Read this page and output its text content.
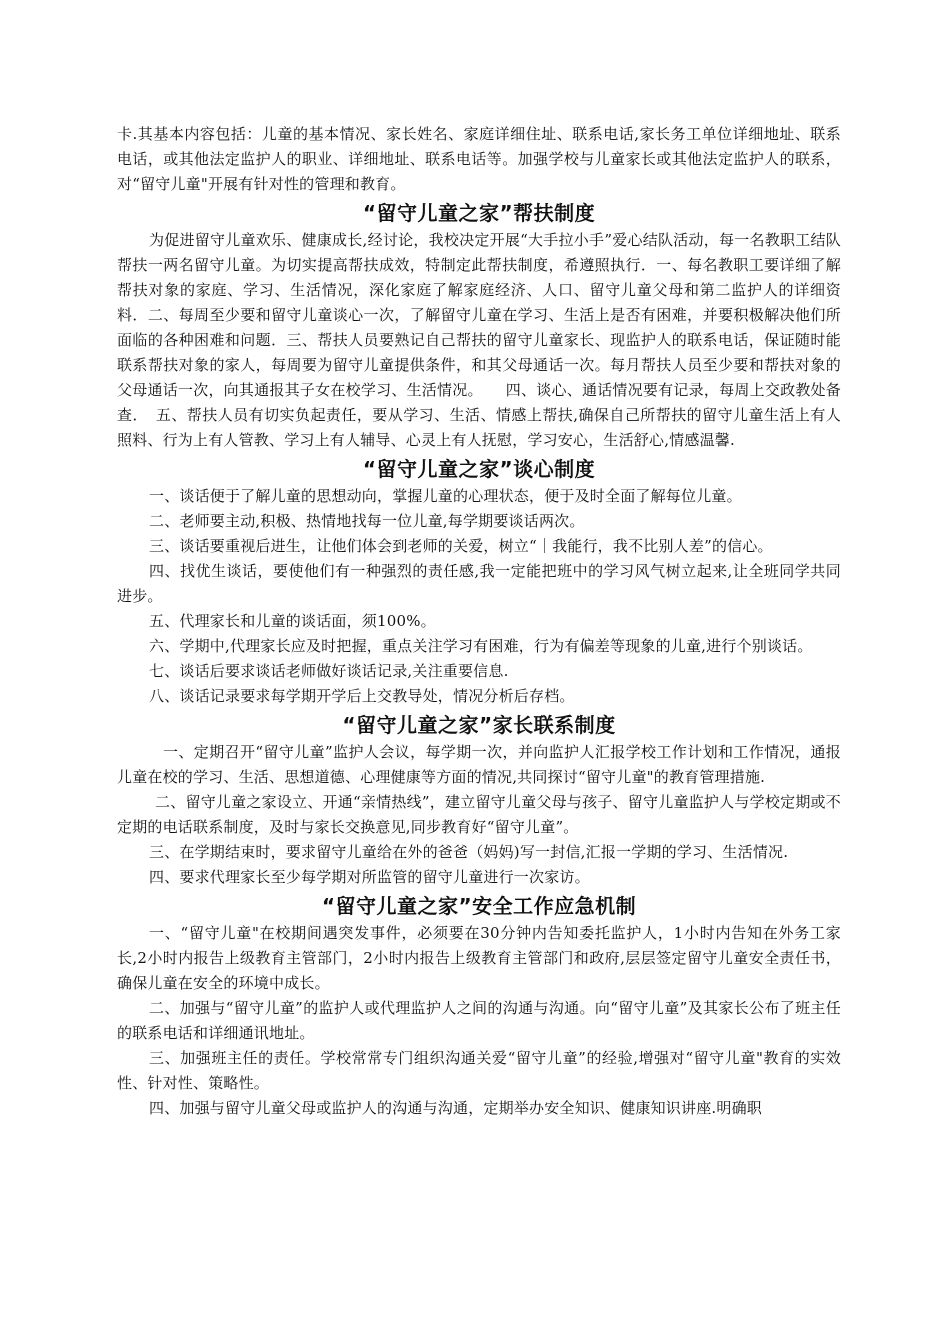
卡.其基本内容包括：儿童的基本情况、家长姓名、家庭详细住址、联系电话,家长务工单位详细地址、联系电话，或其他法定监护人的职业、详细地址、联系电话等。加强学校与儿童家长或其他法定监护人的联系，对“留守儿童"开展有针对性的管理和教育。

“留守儿童之家”帮扶制度

为促进留守儿童欢乐、健康成长,经讨论，我校决定开展“大手拉小手”爱心结队活动，每一名教职工结队帮扶一两名留守儿童。为切实提高帮扶成效，特制定此帮扶制度，希遵照执行．一、每名教职工要详细了解帮扶对象的家庭、学习、生活情况，深化家庭了解家庭经济、人口、留守儿童父母和第二监护人的详细资料．二、每周至少要和留守儿童谈心一次，了解留守儿童在学习、生活上是否有困难，并要积极解决他们所面临的各种困难和问题．三、帮扶人员要熟记自己帮扶的留守儿童家长、现监护人的联系电话，保证随时能联系帮扶对象的家人，每周要为留守儿童提供条件，和其父母通话一次。每月帮扶人员至少要和帮扶对象的父母通话一次，向其通报其子女在校学习、生活情况。　　四、谈心、通话情况要有记录，每周上交政教处备查．　五、帮扶人员有切实负起责任，要从学习、生活、情感上帮扶,确保自己所帮扶的留守儿童生活上有人照料、行为上有人管教、学习上有人辅导、心灵上有人抚慰，学习安心，生活舒心,情感温馨.

“留守儿童之家”谈心制度

一、谈话便于了解儿童的思想动向，掌握儿童的心理状态，便于及时全面了解每位儿童。

二、老师要主动,积极、热情地找每一位儿童,每学期要谈话两次。

三、谈话要重视后进生，让他们体会到老师的关爱，树立“｜我能行，我不比别人差”的信心。

四、找优生谈话，要使他们有一种强烈的责任感,我一定能把班中的学习风气树立起来,让全班同学共同进步。

五、代理家长和儿童的谈话面，须100%。

六、学期中,代理家长应及时把握，重点关注学习有困难，行为有偏差等现象的儿童,进行个别谈话。

七、谈话后要求谈话老师做好谈话记录,关注重要信息.

八、谈话记录要求每学期开学后上交教导处，情况分析后存档。

“留守儿童之家”家长联系制度

一、定期召开“留守儿童”监护人会议，每学期一次，并向监护人汇报学校工作计划和工作情况，通报儿童在校的学习、生活、思想道德、心理健康等方面的情况,共同探讨“留守儿童"的教育管理措施.

二、留守儿童之家设立、开通“亲情热线”，建立留守儿童父母与孩子、留守儿童监护人与学校定期或不定期的电话联系制度，及时与家长交换意见,同步教育好“留守儿童”。

三、在学期结束时，要求留守儿童给在外的爸爸（妈妈)写一封信,汇报一学期的学习、生活情况.

四、要求代理家长至少每学期对所监管的留守儿童进行一次家访。

“留守儿童之家”安全工作应急机制

一、“留守儿童"在校期间遇突发事件，必须要在30分钟内告知委托监护人，1小时内告知在外务工家长,2小时内报告上级教育主管部门，2小时内报告上级教育主管部门和政府,层层签定留守儿童安全责任书，确保儿童在安全的环境中成长。

二、加强与“留守儿童”的监护人或代理监护人之间的沟通与沟通。向“留守儿童”及其家长公布了班主任的联系电话和详细通讯地址。

三、加强班主任的责任。学校常常专门组织沟通关爱“留守儿童”的经验,增强对“留守儿童"教育的实效性、针对性、策略性。

四、加强与留守儿童父母或监护人的沟通与沟通，定期举办安全知识、健康知识讲座.明确职
